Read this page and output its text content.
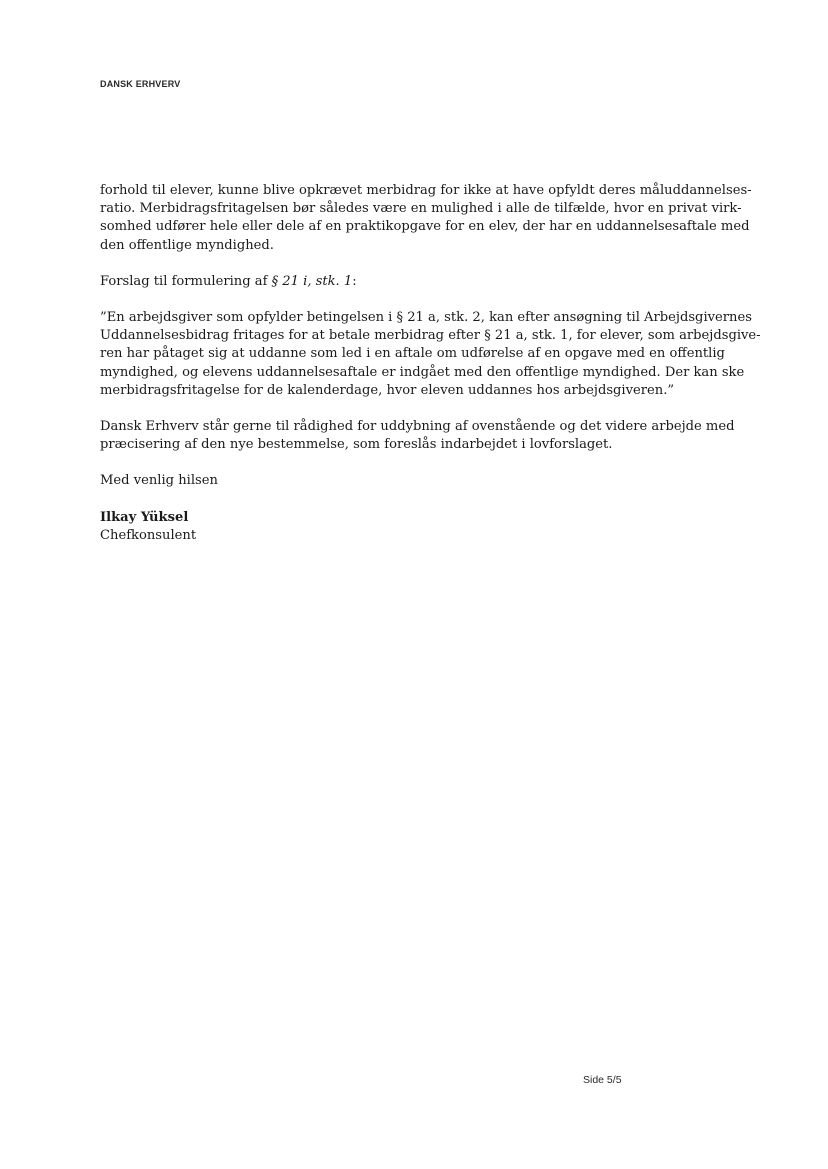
DANSK ERHVERV
forhold til elever, kunne blive opkrævet merbidrag for ikke at have opfyldt deres måluddannelses-
ratio. Merbidragsfritagelsen bør således være en mulighed i alle de tilfælde, hvor en privat virk-
somhed udfører hele eller dele af en praktikopgave for en elev, der har en uddannelsesaftale med
den offentlige myndighed.
Forslag til formulering af § 21 i, stk. 1:
”En arbejdsgiver som opfylder betingelsen i § 21 a, stk. 2, kan efter ansøgning til Arbejdsgivernes
Uddannelsesbidrag fritages for at betale merbidrag efter § 21 a, stk. 1, for elever, som arbejdsgive-
ren har påtaget sig at uddanne som led i en aftale om udførelse af en opgave med en offentlig
myndighed, og elevens uddannelsesaftale er indgået med den offentlige myndighed. Der kan ske
merbidragsfritagelse for de kalenderdage, hvor eleven uddannes hos arbejdsgiveren.”
Dansk Erhverv står gerne til rådighed for uddybning af ovenstående og det videre arbejde med
præcisering af den nye bestemmelse, som foreslås indarbejdet i lovforslaget.
Med venlig hilsen
Ilkay Yüksel
Chefkonsulent
Side 5/5
